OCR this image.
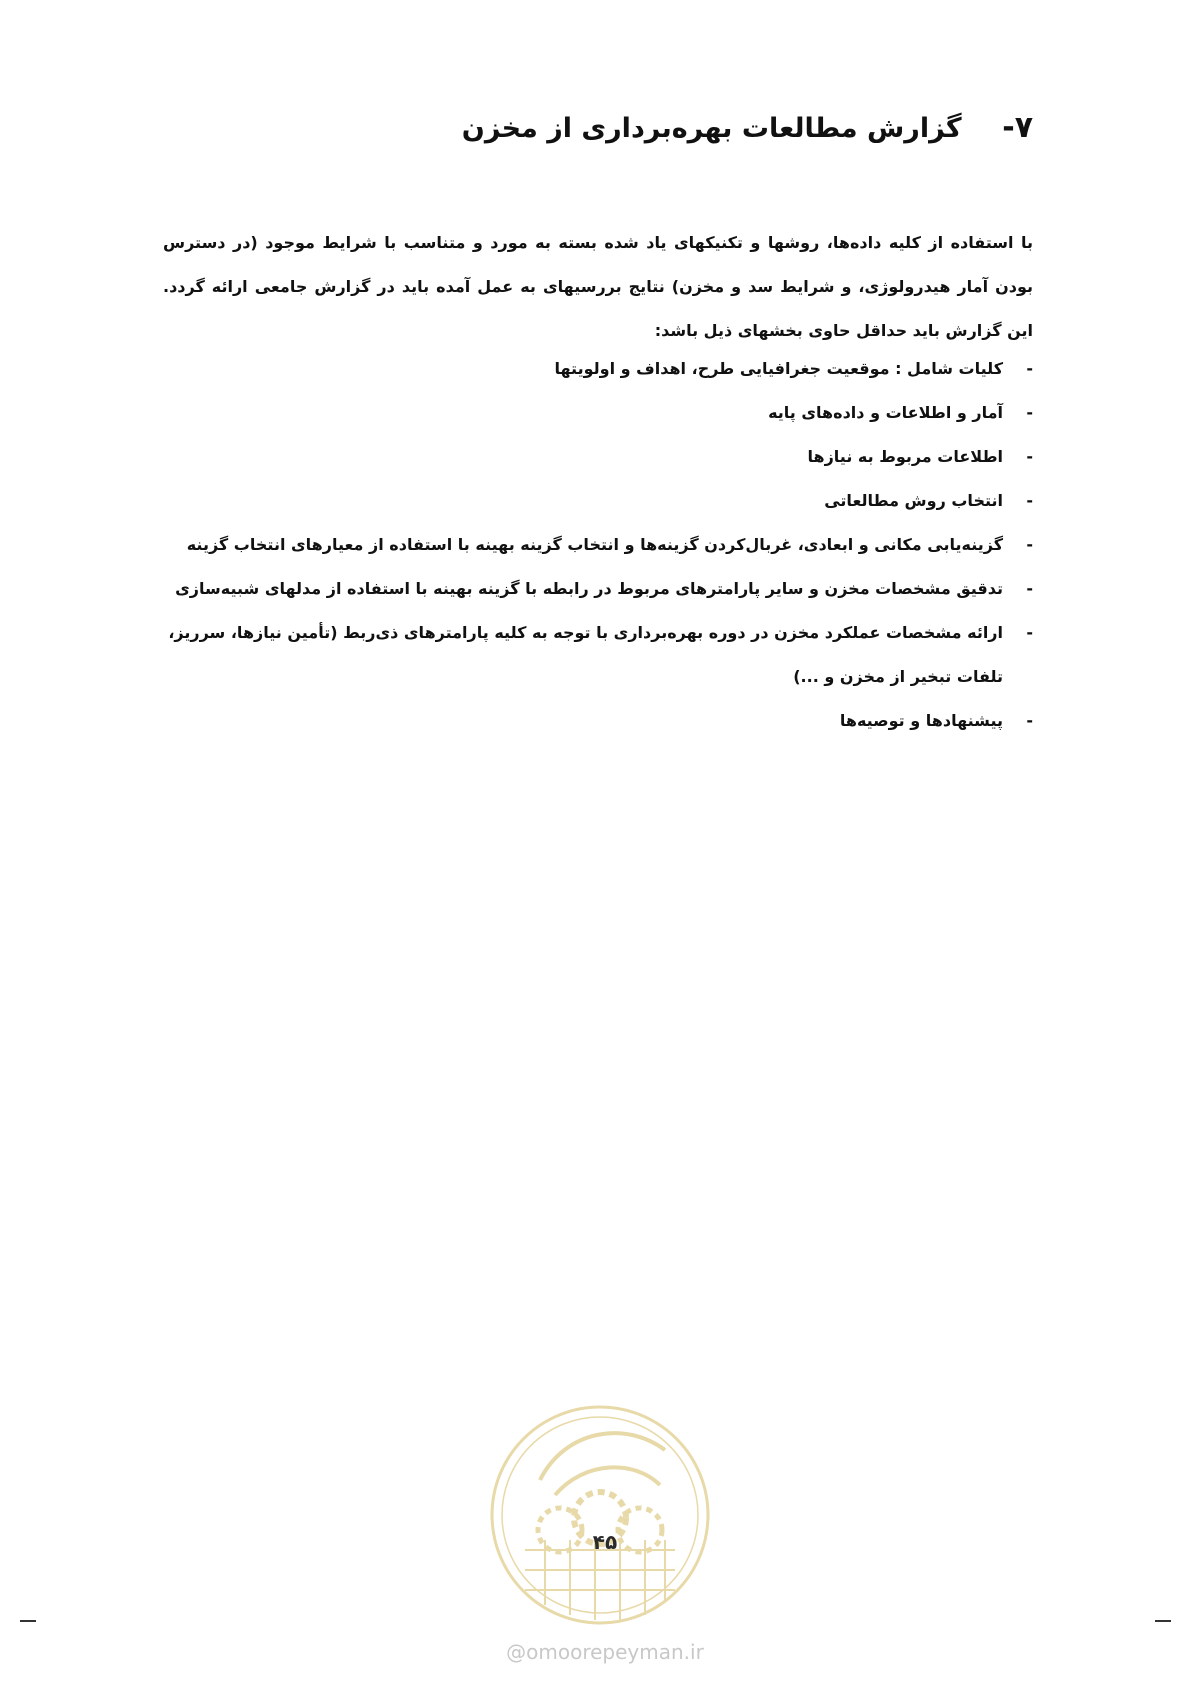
۷- گزارش مطالعات بهره‌برداری از مخزن

با استفاده از کلیه داده‌ها، روشها و تکنیکهای یاد شده بسته به مورد و متناسب با شرایط موجود (در دسترس بودن آمار هیدرولوژی، و شرایط سد و مخزن) نتایج بررسیهای به عمل آمده باید در گزارش جامعی ارائه گردد. این گزارش باید حداقل حاوی بخشهای ذیل باشد:

-
کلیات شامل : موقعیت جغرافیایی طرح، اهداف و اولویتها
-
آمار و اطلاعات و داده‌های پایه
-
اطلاعات مربوط به نیازها
-
انتخاب روش مطالعاتی
-
گزینه‌یابی مکانی و ابعادی، غربال‌کردن گزینه‌ها و انتخاب گزینه بهینه با استفاده از معیارهای انتخاب گزینه
-
تدقیق مشخصات مخزن و سایر پارامترهای مربوط در رابطه با گزینه بهینه با استفاده از مدلهای شبیه‌سازی
-
ارائه مشخصات عملکرد مخزن در دوره بهره‌برداری با توجه به کلیه پارامترهای ذی‌ربط (تأمین نیازها، سرریز، تلفات تبخیر از مخزن و ...)
-
پیشنهادها و توصیه‌ها
۴۵
@omoorepeyman.ir
